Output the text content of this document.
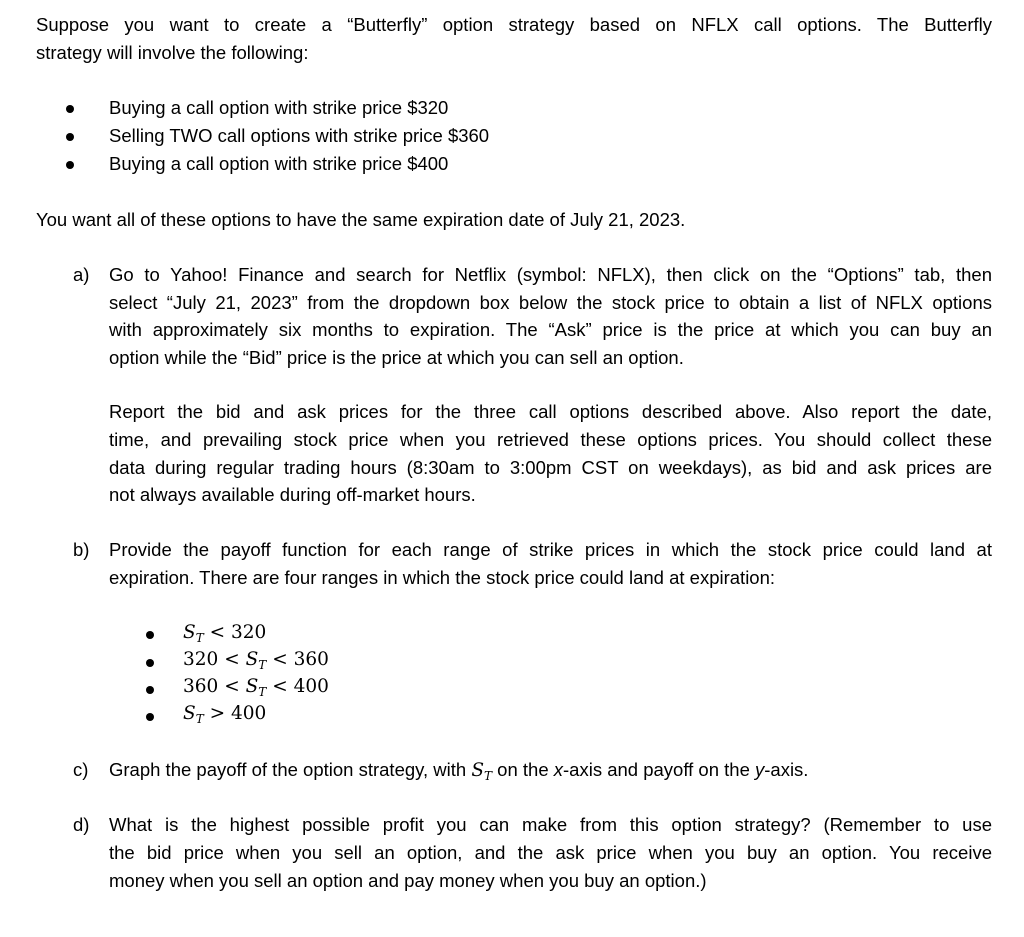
Suppose you want to create a “Butterfly” option strategy based on NFLX call options. The Butterfly
strategy will involve the following:
Buying a call option with strike price $320
Selling TWO call options with strike price $360
Buying a call option with strike price $400
You want all of these options to have the same expiration date of July 21, 2023.
a) Go to Yahoo! Finance and search for Netflix (symbol: NFLX), then click on the “Options” tab, then
select “July 21, 2023” from the dropdown box below the stock price to obtain a list of NFLX options
with approximately six months to expiration. The “Ask” price is the price at which you can buy an
option while the “Bid” price is the price at which you can sell an option.
Report the bid and ask prices for the three call options described above. Also report the date,
time, and prevailing stock price when you retrieved these options prices. You should collect these
data during regular trading hours (8:30am to 3:00pm CST on weekdays), as bid and ask prices are
not always available during off-market hours.
b) Provide the payoff function for each range of strike prices in which the stock price could land at
expiration. There are four ranges in which the stock price could land at expiration:
$S_T < 320$
$320 < S_T < 360$
$360 < S_T < 400$
$S_T > 400$
c) Graph the payoff of the option strategy, with $S_T$ on the x-axis and payoff on the y-axis.
d) What is the highest possible profit you can make from this option strategy? (Remember to use
the bid price when you sell an option, and the ask price when you buy an option. You receive
money when you sell an option and pay money when you buy an option.)
